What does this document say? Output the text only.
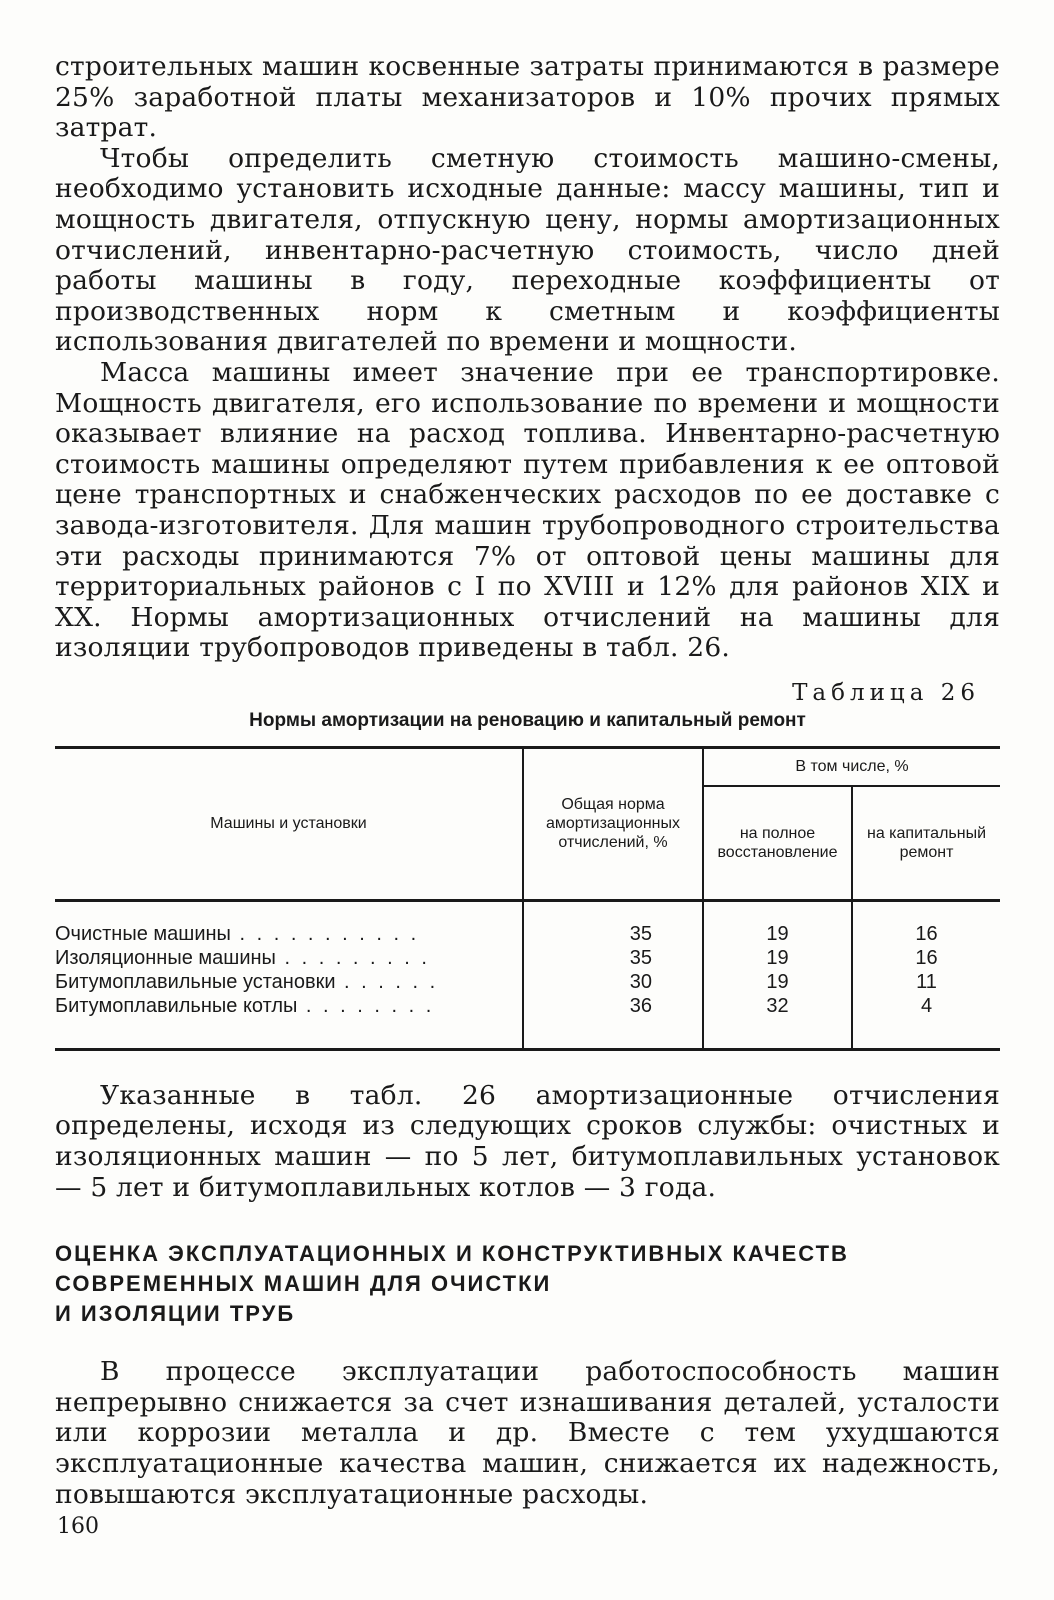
строительных машин косвенные затраты принимаются в размере 25% заработной платы механизаторов и 10% прочих прямых затрат.

Чтобы определить сметную стоимость машино-смены, необходимо установить исходные данные: массу машины, тип и мощность двигателя, отпускную цену, нормы амортизационных отчислений, инвентарно-расчетную стоимость, число дней работы машины в году, переходные коэффициенты от производственных норм к сметным и коэффициенты использования двигателей по времени и мощности.

Масса машины имеет значение при ее транспортировке. Мощность двигателя, его использование по времени и мощности оказывает влияние на расход топлива. Инвентарно-расчетную стоимость машины определяют путем прибавления к ее оптовой цене транспортных и снабженческих расходов по ее доставке с завода-изготовителя. Для машин трубопроводного строительства эти расходы принимаются 7% от оптовой цены машины для территориальных районов с I по XVIII и 12% для районов XIX и XX. Нормы амортизационных отчислений на машины для изоляции трубопроводов приведены в табл. 26.

Таблица 26
Нормы амортизации на реновацию и капитальный ремонт
Машины и установки	Общая норма амортизационных отчислений, %	В том числе, %	
		на полное восстановление	на капитальный ремонт
Очистные машины . . . . . . . . . . .	35	19	16
Изоляционные машины . . . . . . . . .	35	19	16
Битумоплавильные установки . . . . . .	30	19	11
Битумоплавильные котлы . . . . . . . .	36	32	4

Указанные в табл. 26 амортизационные отчисления определены, исходя из следующих сроков службы: очистных и изоляционных машин — по 5 лет, битумоплавильных установок — 5 лет и битумоплавильных котлов — 3 года.

ОЦЕНКА ЭКСПЛУАТАЦИОННЫХ И КОНСТРУКТИВНЫХ КАЧЕСТВ
СОВРЕМЕННЫХ МАШИН ДЛЯ ОЧИСТКИ
И ИЗОЛЯЦИИ ТРУБ

В процессе эксплуатации работоспособность машин непрерывно снижается за счет изнашивания деталей, усталости или коррозии металла и др. Вместе с тем ухудшаются эксплуатационные качества машин, снижается их надежность, повышаются эксплуатационные расходы.

160
